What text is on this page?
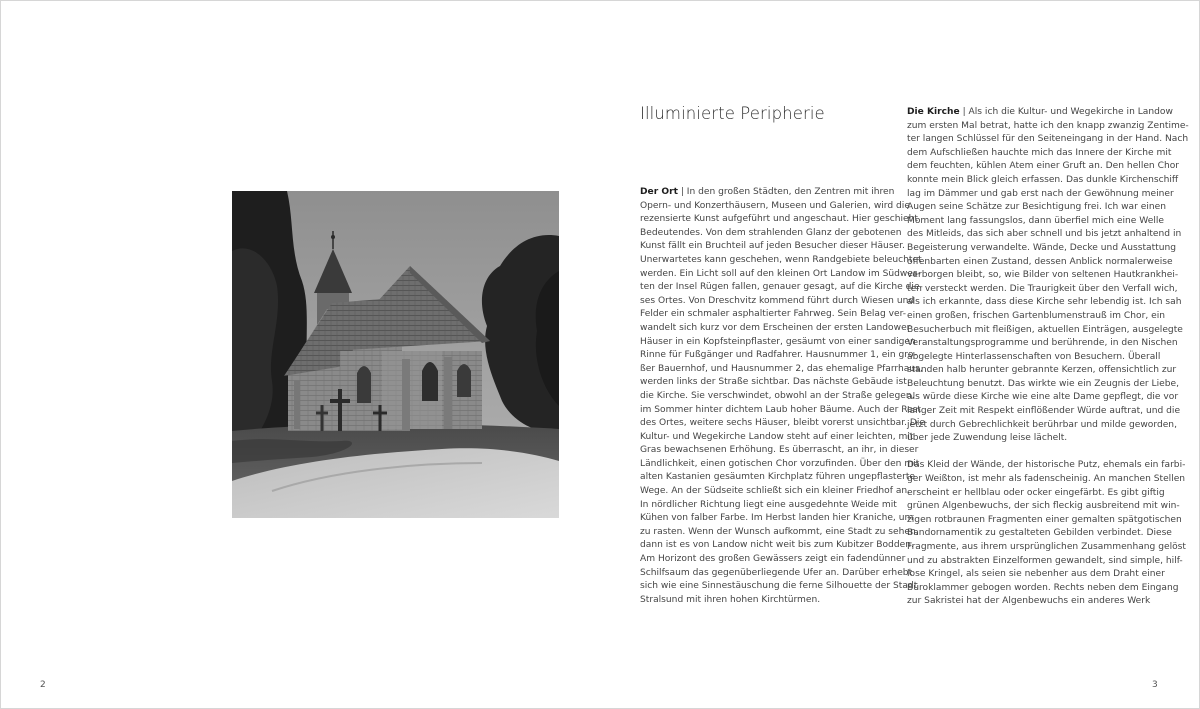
Illuminierte Peripherie
Der Ort | In den großen Städten, den Zentren mit ihren
Opern- und Konzerthäusern, Museen und Galerien, wird die
rezensierte Kunst aufgeführt und angeschaut. Hier geschieht
Bedeutendes. Von dem strahlenden Glanz der gebotenen
Kunst fällt ein Bruchteil auf jeden Besucher dieser Häuser.
Unerwartetes kann geschehen, wenn Randgebiete beleuchtet
werden. Ein Licht soll auf den kleinen Ort Landow im Südwes-
ten der Insel Rügen fallen, genauer gesagt, auf die Kirche die-
ses Ortes. Von Dreschvitz kommend führt durch Wiesen und
Felder ein schmaler asphaltierter Fahrweg. Sein Belag ver-
wandelt sich kurz vor dem Erscheinen der ersten Landower
Häuser in ein Kopfsteinpflaster, gesäumt von einer sandigen
Rinne für Fußgänger und Radfahrer. Hausnummer 1, ein gro-
ßer Bauernhof, und Hausnummer 2, das ehemalige Pfarrhaus,
werden links der Straße sichtbar. Das nächste Gebäude ist
die Kirche. Sie verschwindet, obwohl an der Straße gelegen,
im Sommer hinter dichtem Laub hoher Bäume. Auch der Rest
des Ortes, weitere sechs Häuser, bleibt vorerst unsichtbar. Die
Kultur- und Wegekirche Landow steht auf einer leichten, mit
Gras bewachsenen Erhöhung. Es überrascht, an ihr, in dieser
Ländlichkeit, einen gotischen Chor vorzufinden. Über den mit
alten Kastanien gesäumten Kirchplatz führen ungepflasterte
Wege. An der Südseite schließt sich ein kleiner Friedhof an.
In nördlicher Richtung liegt eine ausgedehnte Weide mit
Kühen von falber Farbe. Im Herbst landen hier Kraniche, um
zu rasten. Wenn der Wunsch aufkommt, eine Stadt zu sehen,
dann ist es von Landow nicht weit bis zum Kubitzer Bodden.
Am Horizont des großen Gewässers zeigt ein fadendünner
Schilfsaum das gegenüberliegende Ufer an. Darüber erhebt
sich wie eine Sinnestäuschung die ferne Silhouette der Stadt
Stralsund mit ihren hohen Kirchtürmen.
Die Kirche | Als ich die Kultur- und Wegekirche in Landow
zum ersten Mal betrat, hatte ich den knapp zwanzig Zentime-
ter langen Schlüssel für den Seiteneingang in der Hand. Nach
dem Aufschließen hauchte mich das Innere der Kirche mit
dem feuchten, kühlen Atem einer Gruft an. Den hellen Chor
konnte mein Blick gleich erfassen. Das dunkle Kirchenschiff
lag im Dämmer und gab erst nach der Gewöhnung meiner
Augen seine Schätze zur Besichtigung frei. Ich war einen
Moment lang fassungslos, dann überfiel mich eine Welle
des Mitleids, das sich aber schnell und bis jetzt anhaltend in
Begeisterung verwandelte. Wände, Decke und Ausstattung
offenbarten einen Zustand, dessen Anblick normalerweise
verborgen bleibt, so, wie Bilder von seltenen Hautkrankhei-
ten versteckt werden. Die Traurigkeit über den Verfall wich,
als ich erkannte, dass diese Kirche sehr lebendig ist. Ich sah
einen großen, frischen Gartenblumenstrauß im Chor, ein
Besucherbuch mit fleißigen, aktuellen Einträgen, ausgelegte
Veranstaltungsprogramme und berührende, in den Nischen
abgelegte Hinterlassenschaften von Besuchern. Überall
standen halb herunter gebrannte Kerzen, offensichtlich zur
Beleuchtung benutzt. Das wirkte wie ein Zeugnis der Liebe,
als würde diese Kirche wie eine alte Dame gepflegt, die vor
langer Zeit mit Respekt einflößender Würde auftrat, und die
jetzt durch Gebrechlichkeit berührbar und milde geworden,
über jede Zuwendung leise lächelt.
Das Kleid der Wände, der historische Putz, ehemals ein farbi-
ger Weißton, ist mehr als fadenscheinig. An manchen Stellen
erscheint er hellblau oder ocker eingefärbt. Es gibt giftig
grünen Algenbewuchs, der sich fleckig ausbreitend mit win-
zigen rotbraunen Fragmenten einer gemalten spätgotischen
Bandornamentik zu gestalteten Gebilden verbindet. Diese
Fragmente, aus ihrem ursprünglichen Zusammenhang gelöst
und zu abstrakten Einzelformen gewandelt, sind simple, hilf-
lose Kringel, als seien sie nebenher aus dem Draht einer
Büroklammer gebogen worden. Rechts neben dem Eingang
zur Sakristei hat der Algenbewuchs ein anderes Werk
2	3
